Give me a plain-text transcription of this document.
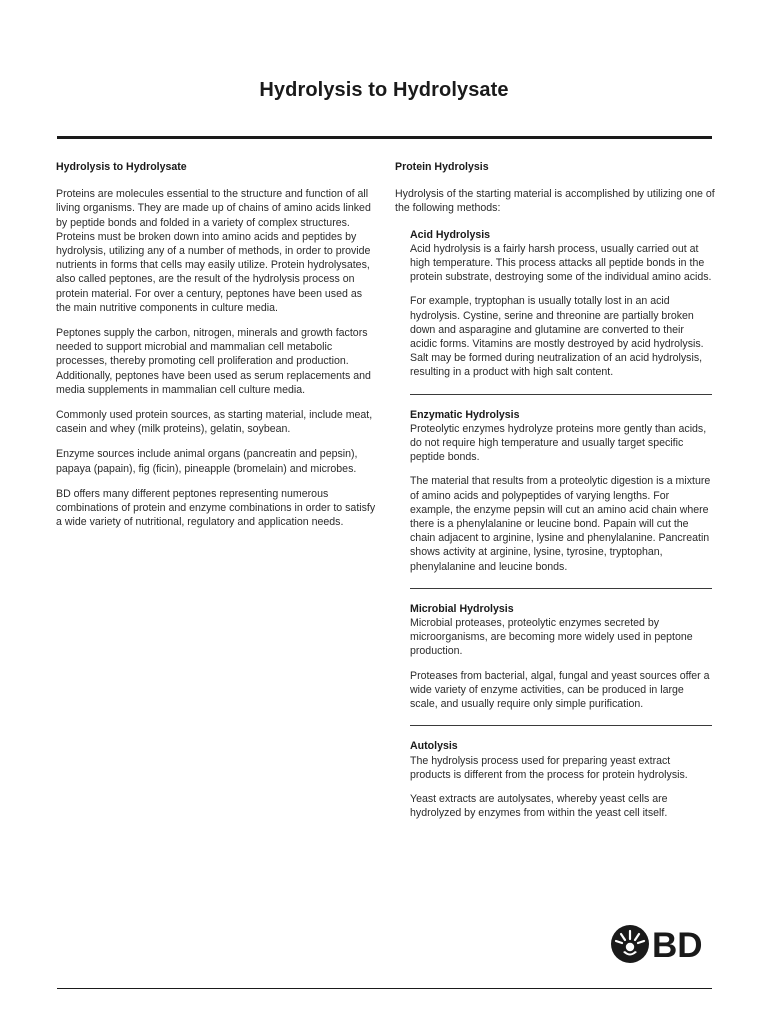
Hydrolysis to Hydrolysate
Hydrolysis to Hydrolysate

Proteins are molecules essential to the structure and function of all living organisms. They are made up of chains of amino acids linked by peptide bonds and folded in a variety of complex structures. Proteins must be broken down into amino acids and peptides by hydrolysis, utilizing any of a number of methods, in order to provide nutrients in forms that cells may easily utilize. Protein hydrolysates, also called peptones, are the result of the hydrolysis process on protein material. For over a century, peptones have been used as the main nutritive components in culture media.

Peptones supply the carbon, nitrogen, minerals and growth factors needed to support microbial and mammalian cell metabolic processes, thereby promoting cell proliferation and production. Additionally, peptones have been used as serum replacements and media supplements in mammalian cell culture media.

Commonly used protein sources, as starting material, include meat, casein and whey (milk proteins), gelatin, soybean.

Enzyme sources include animal organs (pancreatin and pepsin), papaya (papain), fig (ficin), pineapple (bromelain) and microbes.

BD offers many different peptones representing numerous combinations of protein and enzyme combinations in order to satisfy a wide variety of nutritional, regulatory and application needs.

Protein Hydrolysis

Hydrolysis of the starting material is accomplished by utilizing one of the following methods:

Acid Hydrolysis

Acid hydrolysis is a fairly harsh process, usually carried out at high temperature. This process attacks all peptide bonds in the protein substrate, destroying some of the individual amino acids.

For example, tryptophan is usually totally lost in an acid hydrolysis. Cystine, serine and threonine are partially broken down and asparagine and glutamine are converted to their acidic forms. Vitamins are mostly destroyed by acid hydrolysis. Salt may be formed during neutralization of an acid hydrolysis, resulting in a product with high salt content.

Enzymatic Hydrolysis

Proteolytic enzymes hydrolyze proteins more gently than acids, do not require high temperature and usually target specific peptide bonds.

The material that results from a proteolytic digestion is a mixture of amino acids and polypeptides of varying lengths. For example, the enzyme pepsin will cut an amino acid chain where there is a phenylalanine or leucine bond. Papain will cut the chain adjacent to arginine, lysine and phenylalanine. Pancreatin shows activity at arginine, lysine, tyrosine, tryptophan, phenylalanine and leucine bonds.

Microbial Hydrolysis

Microbial proteases, proteolytic enzymes secreted by microorganisms, are becoming more widely used in peptone production.

Proteases from bacterial, algal, fungal and yeast sources offer a wide variety of enzyme activities, can be produced in large scale, and usually require only simple purification.

Autolysis

The hydrolysis process used for preparing yeast extract products is different from the process for protein hydrolysis.

Yeast extracts are autolysates, whereby yeast cells are hydrolyzed by enzymes from within the yeast cell itself.

BD
